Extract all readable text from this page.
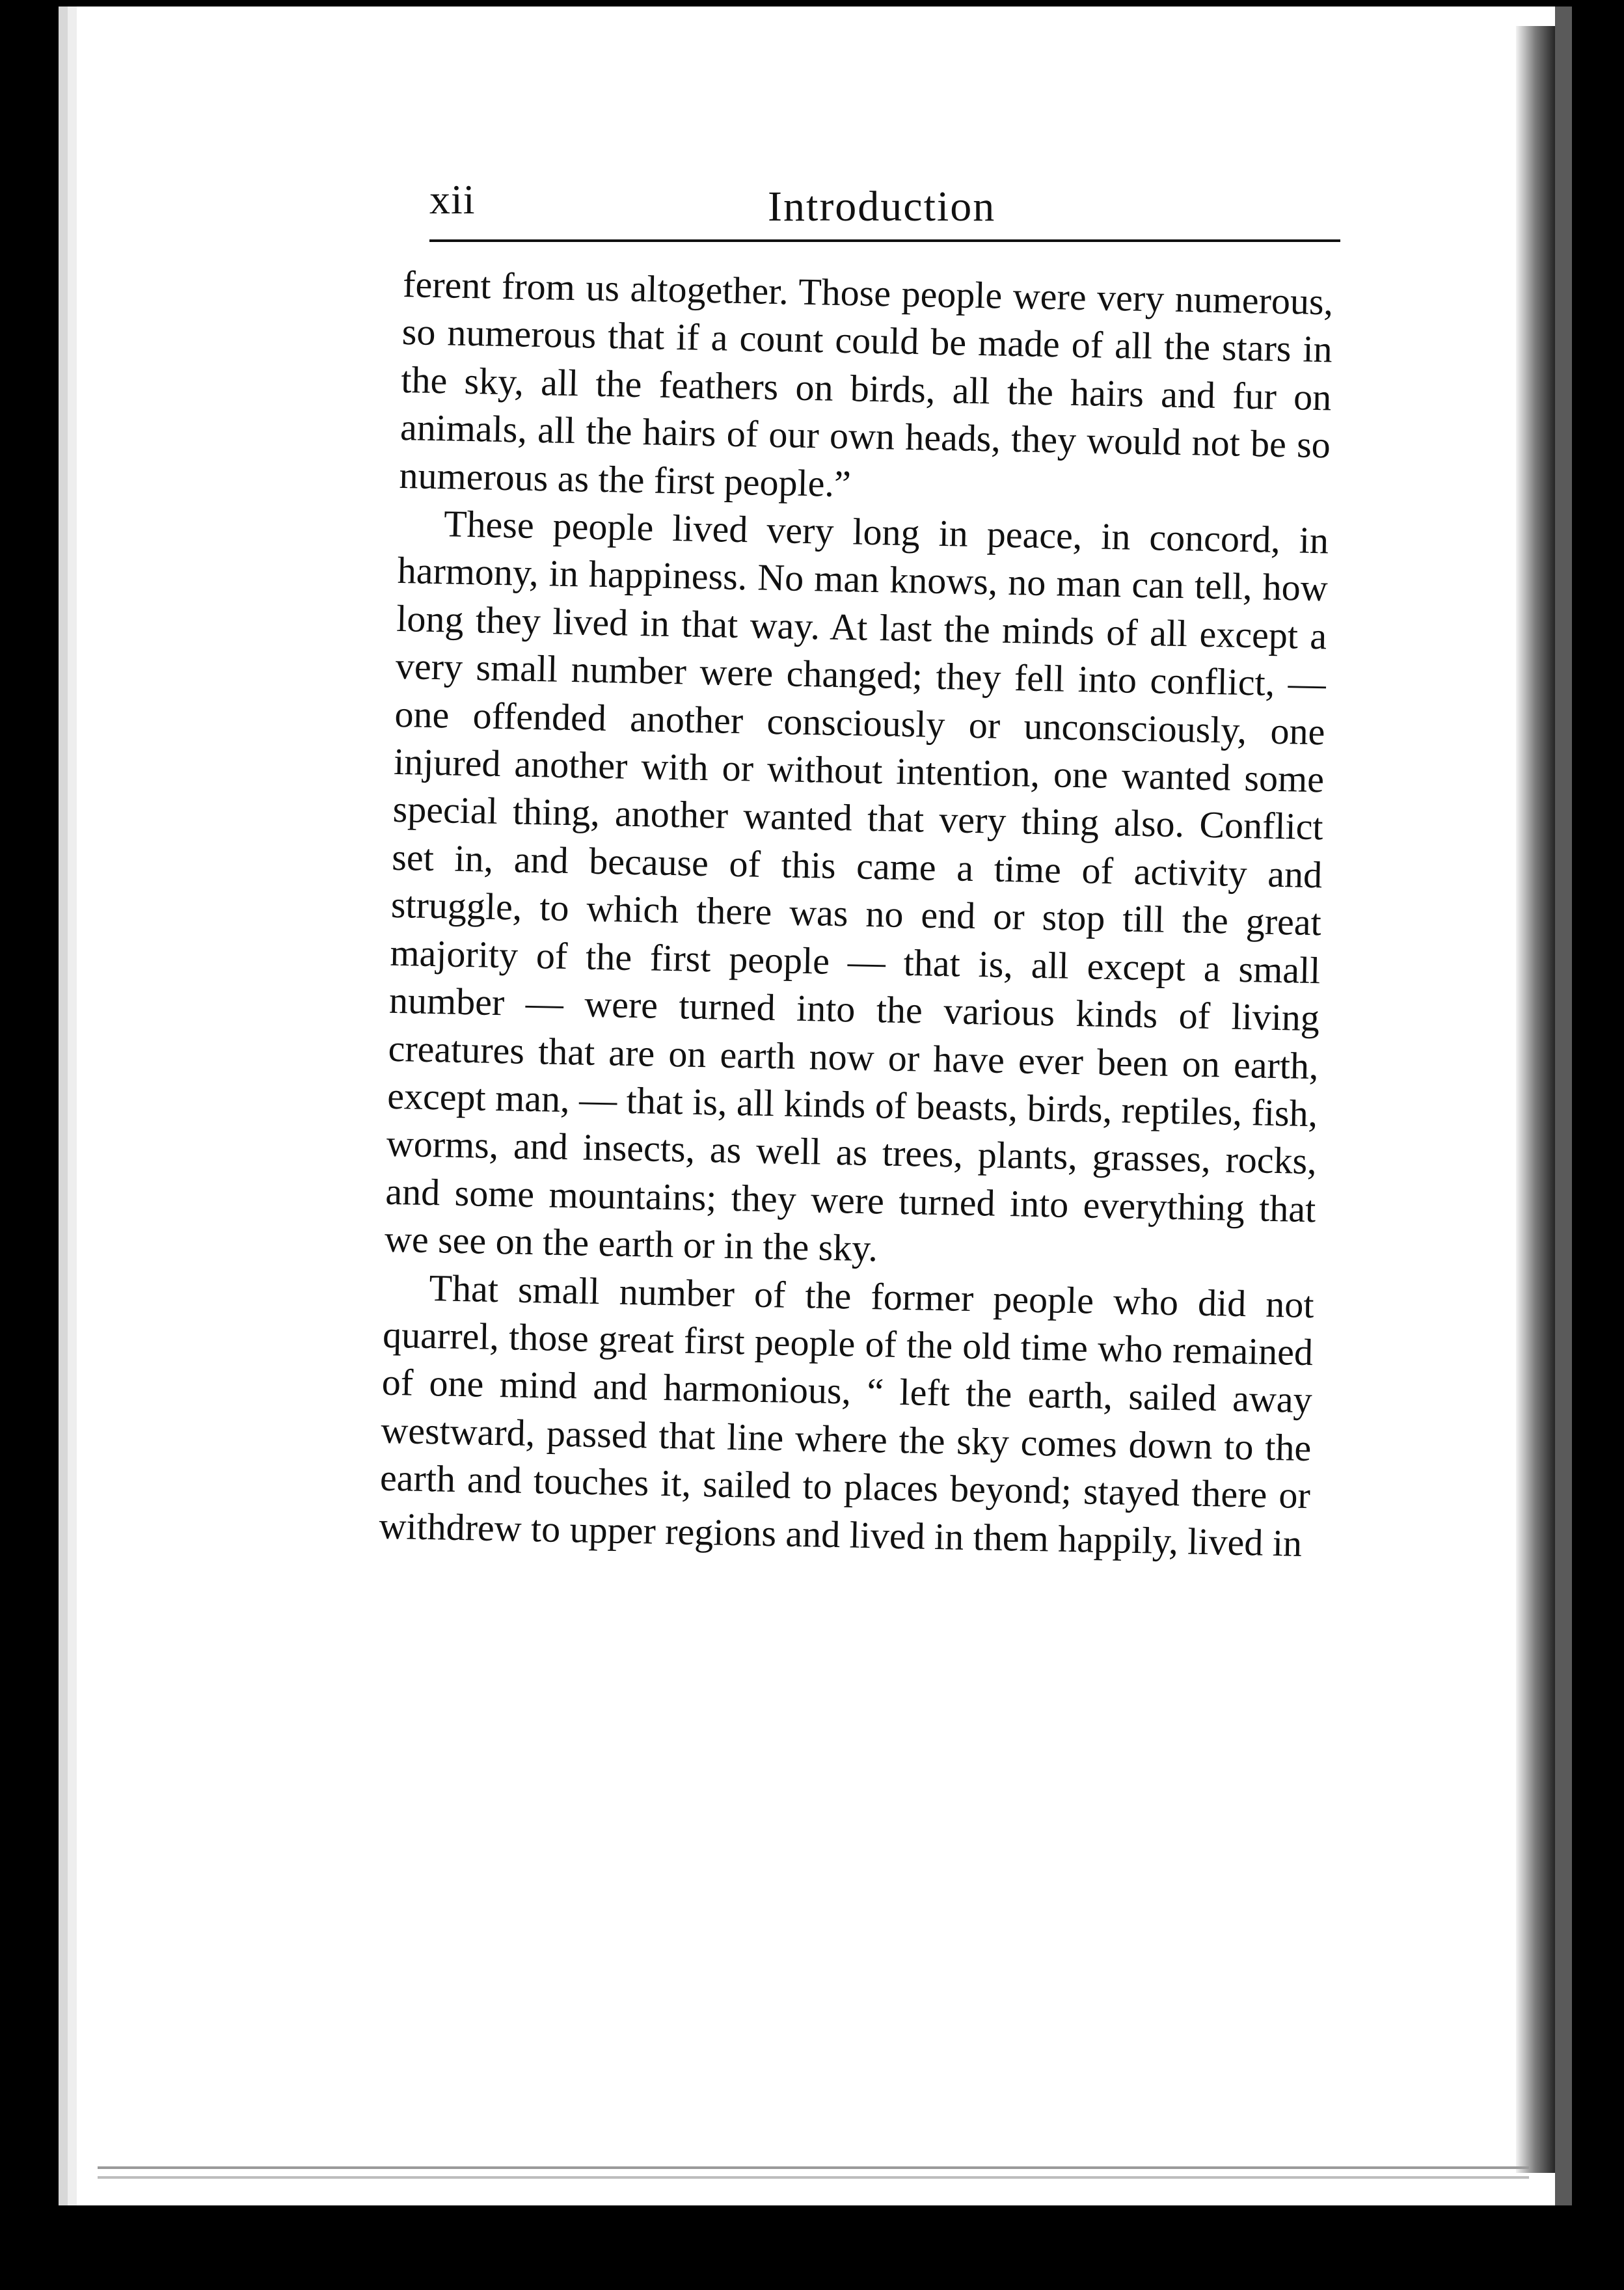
xii	Introduction

ferent from us altogether. Those people were very numerous, so numerous that if a count could be made of all the stars in the sky, all the feathers on birds, all the hairs and fur on animals, all the hairs of our own heads, they would not be so numerous as the first people.”

These people lived very long in peace, in concord, in harmony, in happiness. No man knows, no man can tell, how long they lived in that way. At last the minds of all except a very small number were changed; they fell into conflict, — one offended another consciously or unconsciously, one injured another with or without intention, one wanted some special thing, another wanted that very thing also. Conflict set in, and because of this came a time of activity and struggle, to which there was no end or stop till the great majority of the first people — that is, all except a small number — were turned into the various kinds of living creatures that are on earth now or have ever been on earth, except man, — that is, all kinds of beasts, birds, reptiles, fish, worms, and insects, as well as trees, plants, grasses, rocks, and some mountains; they were turned into everything that we see on the earth or in the sky.

That small number of the former people who did not quarrel, those great first people of the old time who remained of one mind and harmonious, “ left the earth, sailed away westward, passed that line where the sky comes down to the earth and touches it, sailed to places beyond; stayed there or withdrew to upper regions and lived in them happily, lived in
